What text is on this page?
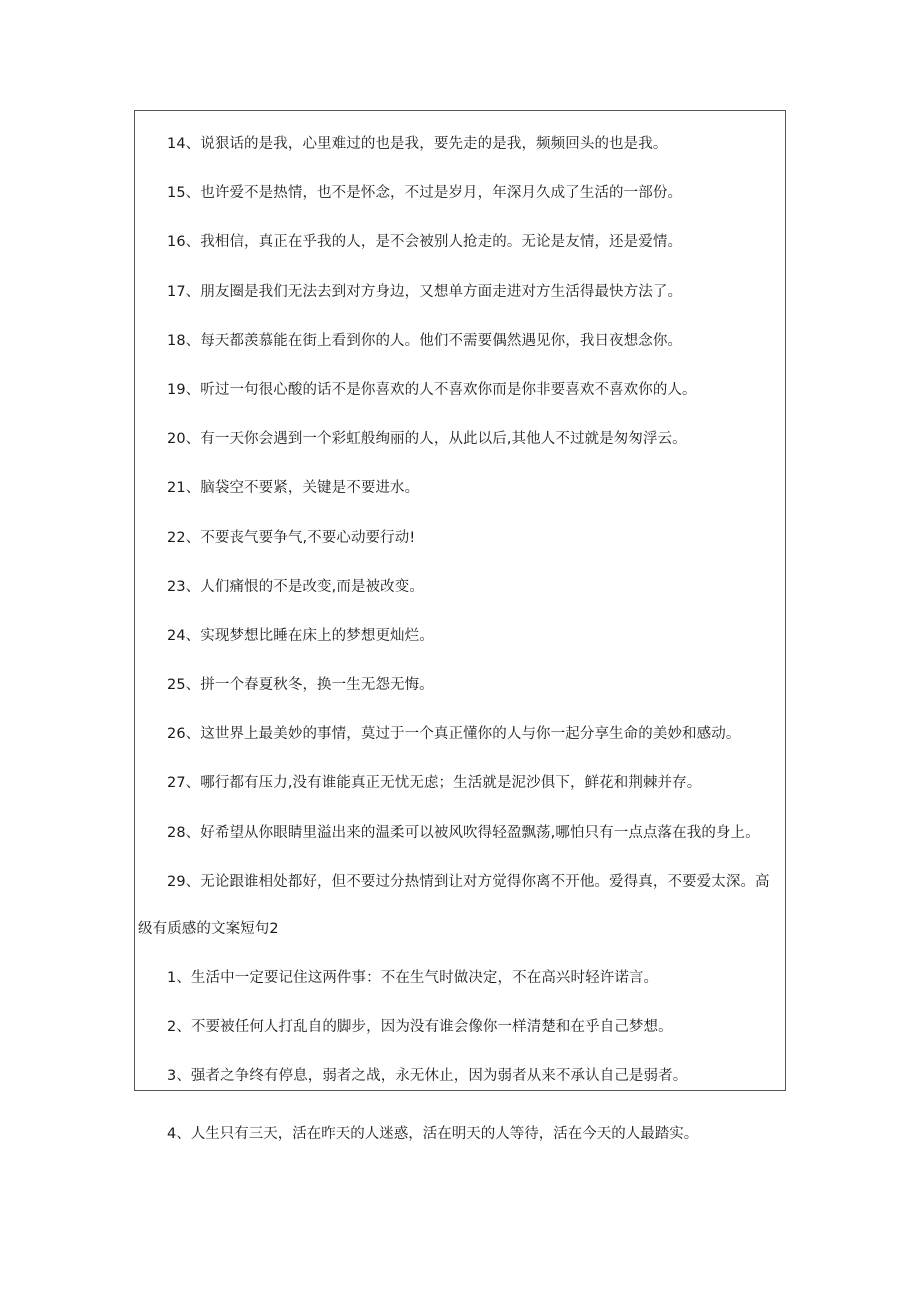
14、说狠话的是我，心里难过的也是我，要先走的是我，频频回头的也是我。
15、也许爱不是热情，也不是怀念，不过是岁月，年深月久成了生活的一部份。
16、我相信，真正在乎我的人，是不会被别人抢走的。无论是友情，还是爱情。
17、朋友圈是我们无法去到对方身边，又想单方面走进对方生活得最快方法了。
18、每天都羡慕能在街上看到你的人。他们不需要偶然遇见你，我日夜想念你。
19、听过一句很心酸的话不是你喜欢的人不喜欢你而是你非要喜欢不喜欢你的人。
20、有一天你会遇到一个彩虹般绚丽的人，从此以后,其他人不过就是匆匆浮云。
21、脑袋空不要紧，关键是不要进水。
22、不要丧气要争气,不要心动要行动!
23、人们痛恨的不是改变,而是被改变。
24、实现梦想比睡在床上的梦想更灿烂。
25、拼一个春夏秋冬，换一生无怨无悔。
26、这世界上最美妙的事情，莫过于一个真正懂你的人与你一起分享生命的美妙和感动。
27、哪行都有压力,没有谁能真正无忧无虑；生活就是泥沙俱下，鲜花和荆棘并存。
28、好希望从你眼睛里溢出来的温柔可以被风吹得轻盈飘荡,哪怕只有一点点落在我的身上。
29、无论跟谁相处都好，但不要过分热情到让对方觉得你离不开他。爱得真，不要爱太深。高
级有质感的文案短句2
1、生活中一定要记住这两件事：不在生气时做决定，不在高兴时轻许诺言。
2、不要被任何人打乱自的脚步，因为没有谁会像你一样清楚和在乎自己梦想。
3、强者之争终有停息，弱者之战，永无休止，因为弱者从来不承认自己是弱者。
4、人生只有三天，活在昨天的人迷惑，活在明天的人等待，活在今天的人最踏实。
